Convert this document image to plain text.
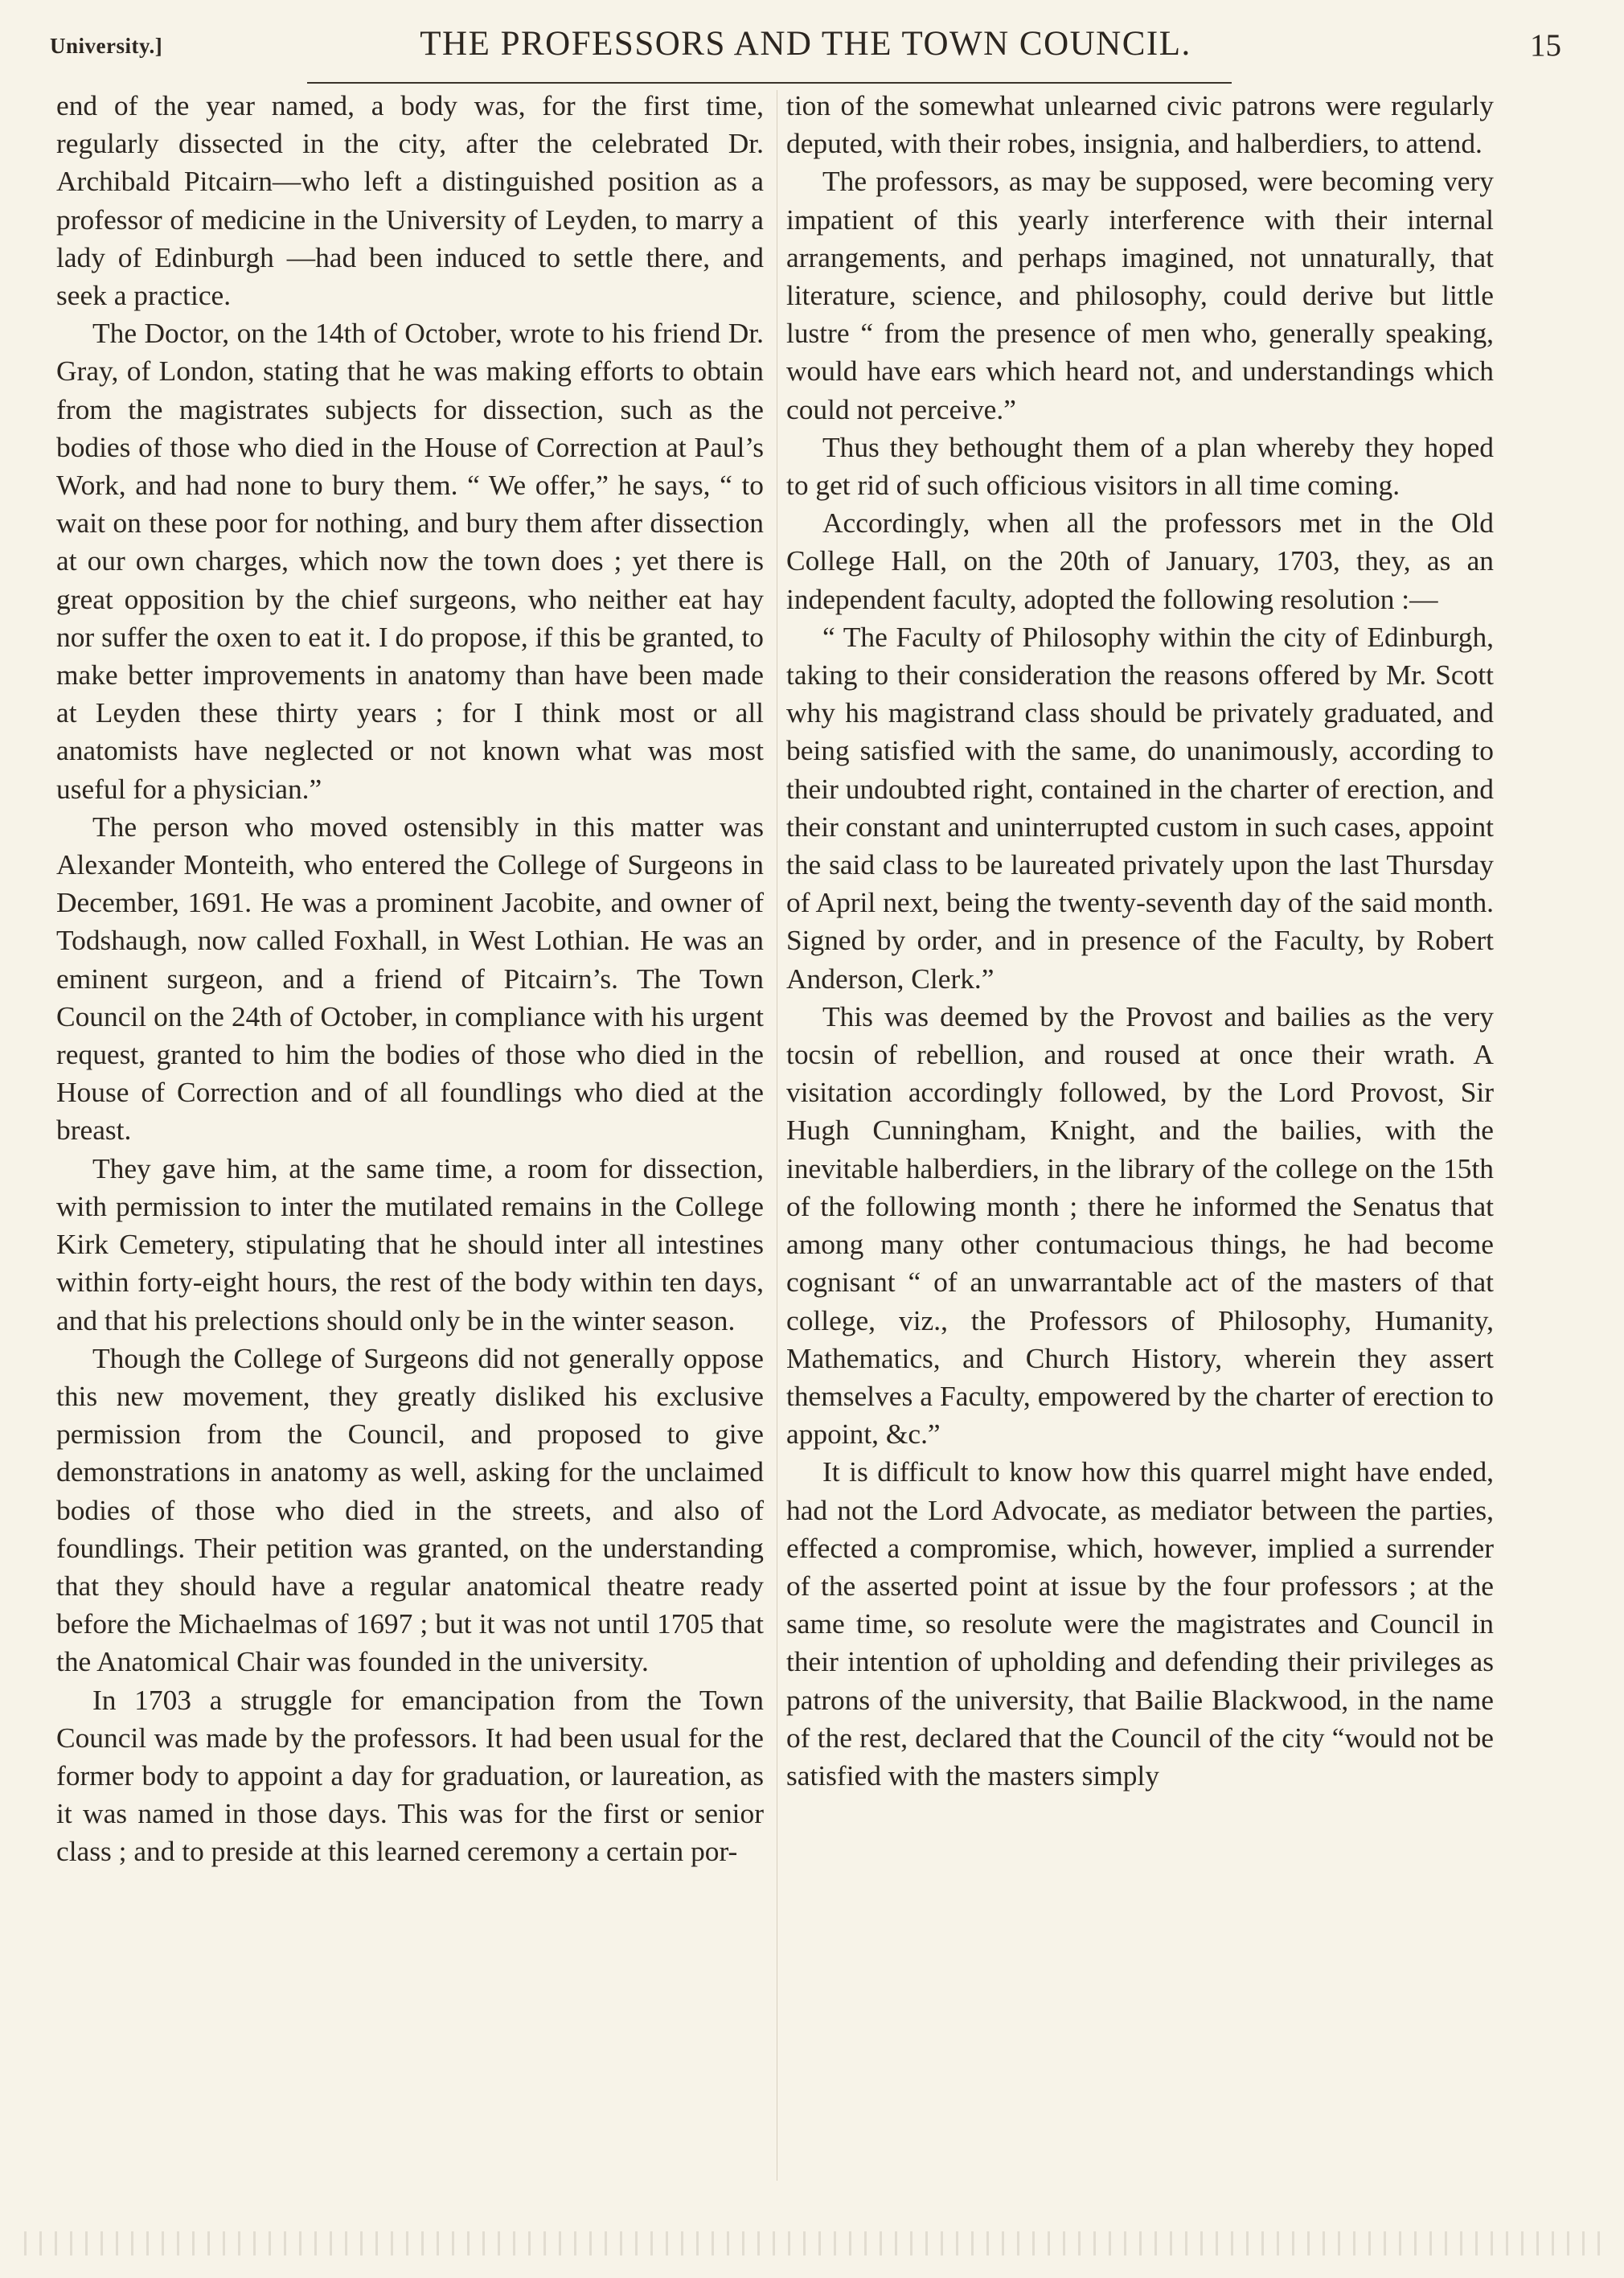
University.]	THE PROFESSORS AND THE TOWN COUNCIL.	15

end of the year named, a body was, for the first time, regularly dissected in the city, after the celebrated Dr. Archibald Pitcairn—who left a distinguished position as a professor of medicine in the University of Leyden, to marry a lady of Edinburgh —had been induced to settle there, and seek a practice.

The Doctor, on the 14th of October, wrote to his friend Dr. Gray, of London, stating that he was making efforts to obtain from the magistrates subjects for dissection, such as the bodies of those who died in the House of Correction at Paul’s Work, and had none to bury them. “ We offer,” he says, “ to wait on these poor for nothing, and bury them after dissection at our own charges, which now the town does ; yet there is great opposition by the chief surgeons, who neither eat hay nor suffer the oxen to eat it. I do propose, if this be granted, to make better improvements in anatomy than have been made at Leyden these thirty years ; for I think most or all anatomists have neglected or not known what was most useful for a physician.”

The person who moved ostensibly in this matter was Alexander Monteith, who entered the College of Surgeons in December, 1691. He was a prominent Jacobite, and owner of Todshaugh, now called Foxhall, in West Lothian. He was an eminent surgeon, and a friend of Pitcairn’s. The Town Council on the 24th of October, in compliance with his urgent request, granted to him the bodies of those who died in the House of Correction and of all foundlings who died at the breast.

They gave him, at the same time, a room for dissection, with permission to inter the mutilated remains in the College Kirk Cemetery, stipulating that he should inter all intestines within forty-eight hours, the rest of the body within ten days, and that his prelections should only be in the winter season.

Though the College of Surgeons did not generally oppose this new movement, they greatly disliked his exclusive permission from the Council, and proposed to give demonstrations in anatomy as well, asking for the unclaimed bodies of those who died in the streets, and also of foundlings. Their petition was granted, on the understanding that they should have a regular anatomical theatre ready before the Michaelmas of 1697 ; but it was not until 1705 that the Anatomical Chair was founded in the university.

In 1703 a struggle for emancipation from the Town Council was made by the professors. It had been usual for the former body to appoint a day for graduation, or laureation, as it was named in those days. This was for the first or senior class ; and to preside at this learned ceremony a certain por-

tion of the somewhat unlearned civic patrons were regularly deputed, with their robes, insignia, and halberdiers, to attend.

The professors, as may be supposed, were becoming very impatient of this yearly interference with their internal arrangements, and perhaps imagined, not unnaturally, that literature, science, and philosophy, could derive but little lustre “ from the presence of men who, generally speaking, would have ears which heard not, and understandings which could not perceive.”

Thus they bethought them of a plan whereby they hoped to get rid of such officious visitors in all time coming.

Accordingly, when all the professors met in the Old College Hall, on the 20th of January, 1703, they, as an independent faculty, adopted the following resolution :—

“ The Faculty of Philosophy within the city of Edinburgh, taking to their consideration the reasons offered by Mr. Scott why his magistrand class should be privately graduated, and being satisfied with the same, do unanimously, according to their undoubted right, contained in the charter of erection, and their constant and uninterrupted custom in such cases, appoint the said class to be laureated privately upon the last Thursday of April next, being the twenty-seventh day of the said month. Signed by order, and in presence of the Faculty, by Robert Anderson, Clerk.”

This was deemed by the Provost and bailies as the very tocsin of rebellion, and roused at once their wrath. A visitation accordingly followed, by the Lord Provost, Sir Hugh Cunningham, Knight, and the bailies, with the inevitable halberdiers, in the library of the college on the 15th of the following month ; there he informed the Senatus that among many other contumacious things, he had become cognisant “ of an unwarrantable act of the masters of that college, viz., the Professors of Philosophy, Humanity, Mathematics, and Church History, wherein they assert themselves a Faculty, empowered by the charter of erection to appoint, &c.”

It is difficult to know how this quarrel might have ended, had not the Lord Advocate, as mediator between the parties, effected a compromise, which, however, implied a surrender of the asserted point at issue by the four professors ; at the same time, so resolute were the magistrates and Council in their intention of upholding and defending their privileges as patrons of the university, that Bailie Blackwood, in the name of the rest, declared that the Council of the city “would not be satisfied with the masters simply
